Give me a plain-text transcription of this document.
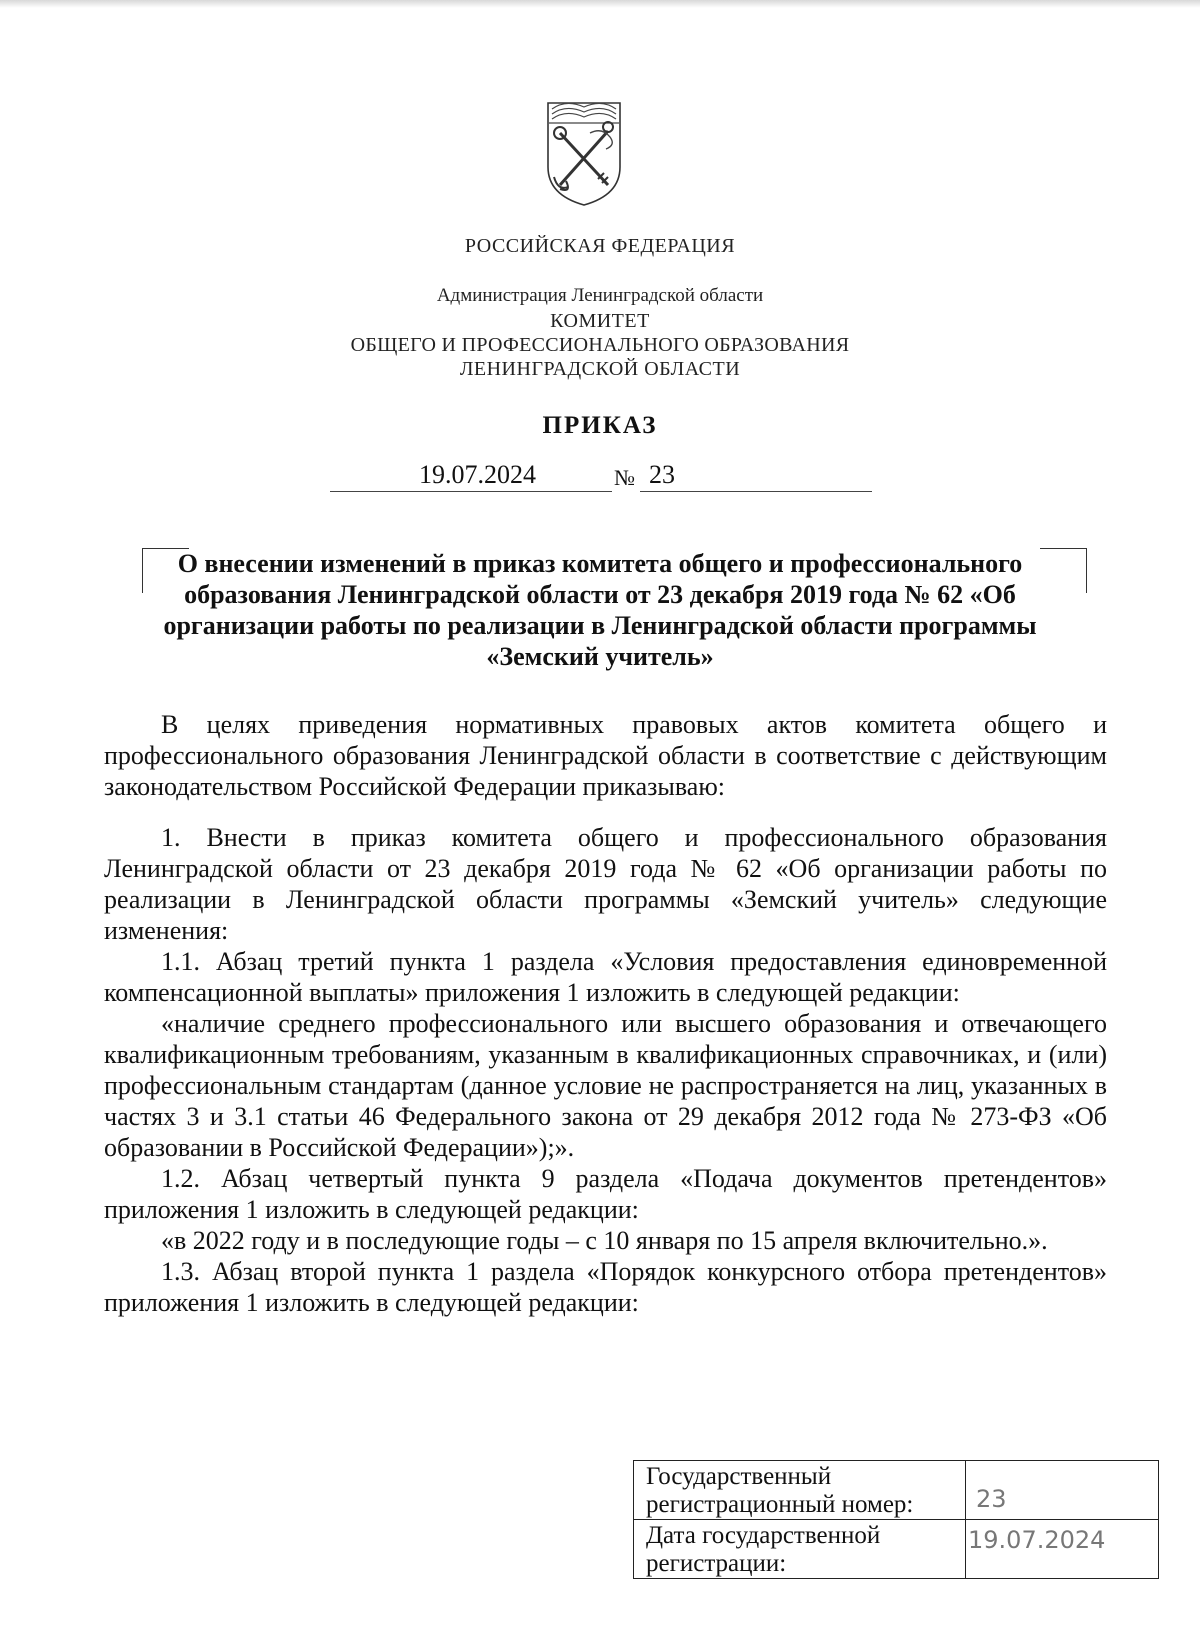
РОССИЙСКАЯ ФЕДЕРАЦИЯ
Администрация Ленинградской области
КОМИТЕТ
ОБЩЕГО И ПРОФЕССИОНАЛЬНОГО ОБРАЗОВАНИЯ
ЛЕНИНГРАДСКОЙ ОБЛАСТИ
ПРИКАЗ
19.07.2024	№ 23
О внесении изменений в приказ комитета общего и профессионального образования Ленинградской области от 23 декабря 2019 года № 62 «Об организации работы по реализации в Ленинградской области программы «Земский учитель»

В целях приведения нормативных правовых актов комитета общего и профессионального образования Ленинградской области в соответствие с действующим законодательством Российской Федерации приказываю:

1. Внести в приказ комитета общего и профессионального образования Ленинградской области от 23 декабря 2019 года № 62 «Об организации работы по реализации в Ленинградской области программы «Земский учитель» следующие изменения:

1.1. Абзац третий пункта 1 раздела «Условия предоставления единовременной компенсационной выплаты» приложения 1 изложить в следующей редакции:

«наличие среднего профессионального или высшего образования и отвечающего квалификационным требованиям, указанным в квалификационных справочниках, и (или) профессиональным стандартам (данное условие не распространяется на лиц, указанных в частях 3 и 3.1 статьи 46 Федерального закона от 29 декабря 2012 года № 273-ФЗ «Об образовании в Российской Федерации»);».

1.2. Абзац четвертый пункта 9 раздела «Подача документов претендентов» приложения 1 изложить в следующей редакции:

«в 2022 году и в последующие годы – с 10 января по 15 апреля включительно.».

1.3. Абзац второй пункта 1 раздела «Порядок конкурсного отбора претендентов» приложения 1 изложить в следующей редакции:

Государственный регистрационный номер:	23
Дата государственной регистрации:	19.07.2024
